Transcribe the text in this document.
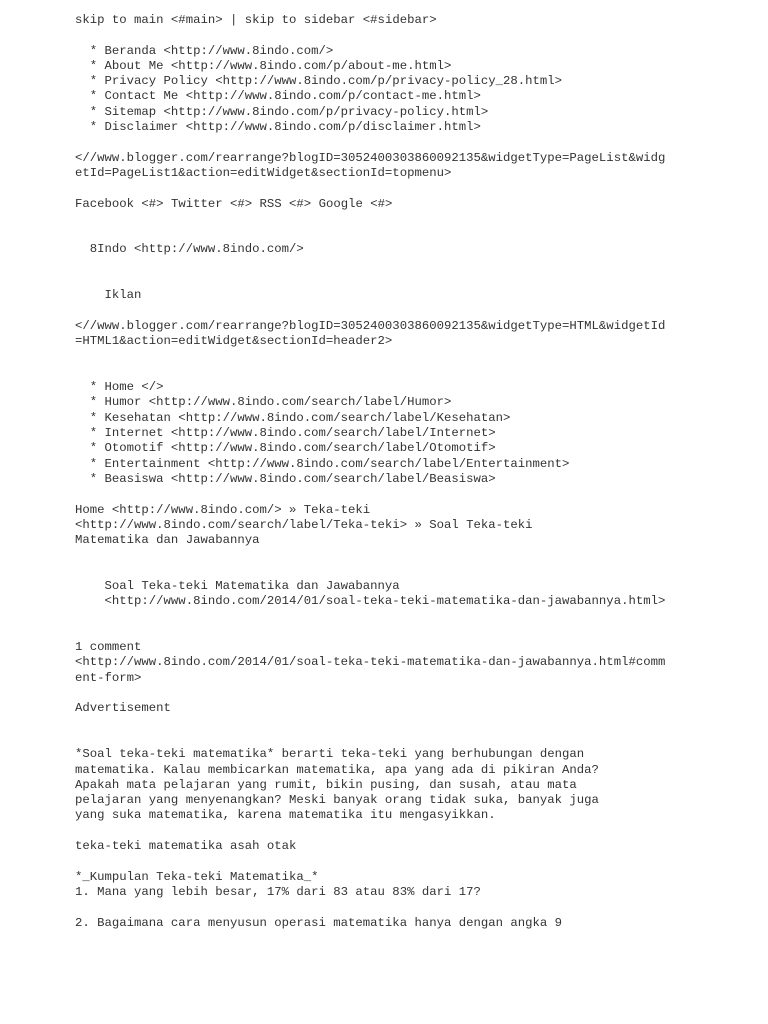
skip to main <#main> | skip to sidebar <#sidebar>
* Beranda <http://www.8indo.com/>
* About Me <http://www.8indo.com/p/about-me.html>
* Privacy Policy <http://www.8indo.com/p/privacy-policy_28.html>
* Contact Me <http://www.8indo.com/p/contact-me.html>
* Sitemap <http://www.8indo.com/p/privacy-policy.html>
* Disclaimer <http://www.8indo.com/p/disclaimer.html>
<//www.blogger.com/rearrange?blogID=3052400303860092135&widgetType=PageList&widg
etId=PageList1&action=editWidget&sectionId=topmenu>
Facebook <#> Twitter <#> RSS <#> Google <#>
8Indo <http://www.8indo.com/>
Iklan
<//www.blogger.com/rearrange?blogID=3052400303860092135&widgetType=HTML&widgetId
=HTML1&action=editWidget&sectionId=header2>
* Home </>
* Humor <http://www.8indo.com/search/label/Humor>
* Kesehatan <http://www.8indo.com/search/label/Kesehatan>
* Internet <http://www.8indo.com/search/label/Internet>
* Otomotif <http://www.8indo.com/search/label/Otomotif>
* Entertainment <http://www.8indo.com/search/label/Entertainment>
* Beasiswa <http://www.8indo.com/search/label/Beasiswa>
Home <http://www.8indo.com/> » Teka-teki
<http://www.8indo.com/search/label/Teka-teki> » Soal Teka-teki
Matematika dan Jawabannya
Soal Teka-teki Matematika dan Jawabannya
<http://www.8indo.com/2014/01/soal-teka-teki-matematika-dan-jawabannya.html>
1 comment
<http://www.8indo.com/2014/01/soal-teka-teki-matematika-dan-jawabannya.html#comm
ent-form>
Advertisement
*Soal teka-teki matematika* berarti teka-teki yang berhubungan dengan
matematika. Kalau membicarkan matematika, apa yang ada di pikiran Anda?
Apakah mata pelajaran yang rumit, bikin pusing, dan susah, atau mata
pelajaran yang menyenangkan? Meski banyak orang tidak suka, banyak juga
yang suka matematika, karena matematika itu mengasyikkan.
teka-teki matematika asah otak
*_Kumpulan Teka-teki Matematika_*
1. Mana yang lebih besar, 17% dari 83 atau 83% dari 17?
2. Bagaimana cara menyusun operasi matematika hanya dengan angka 9
